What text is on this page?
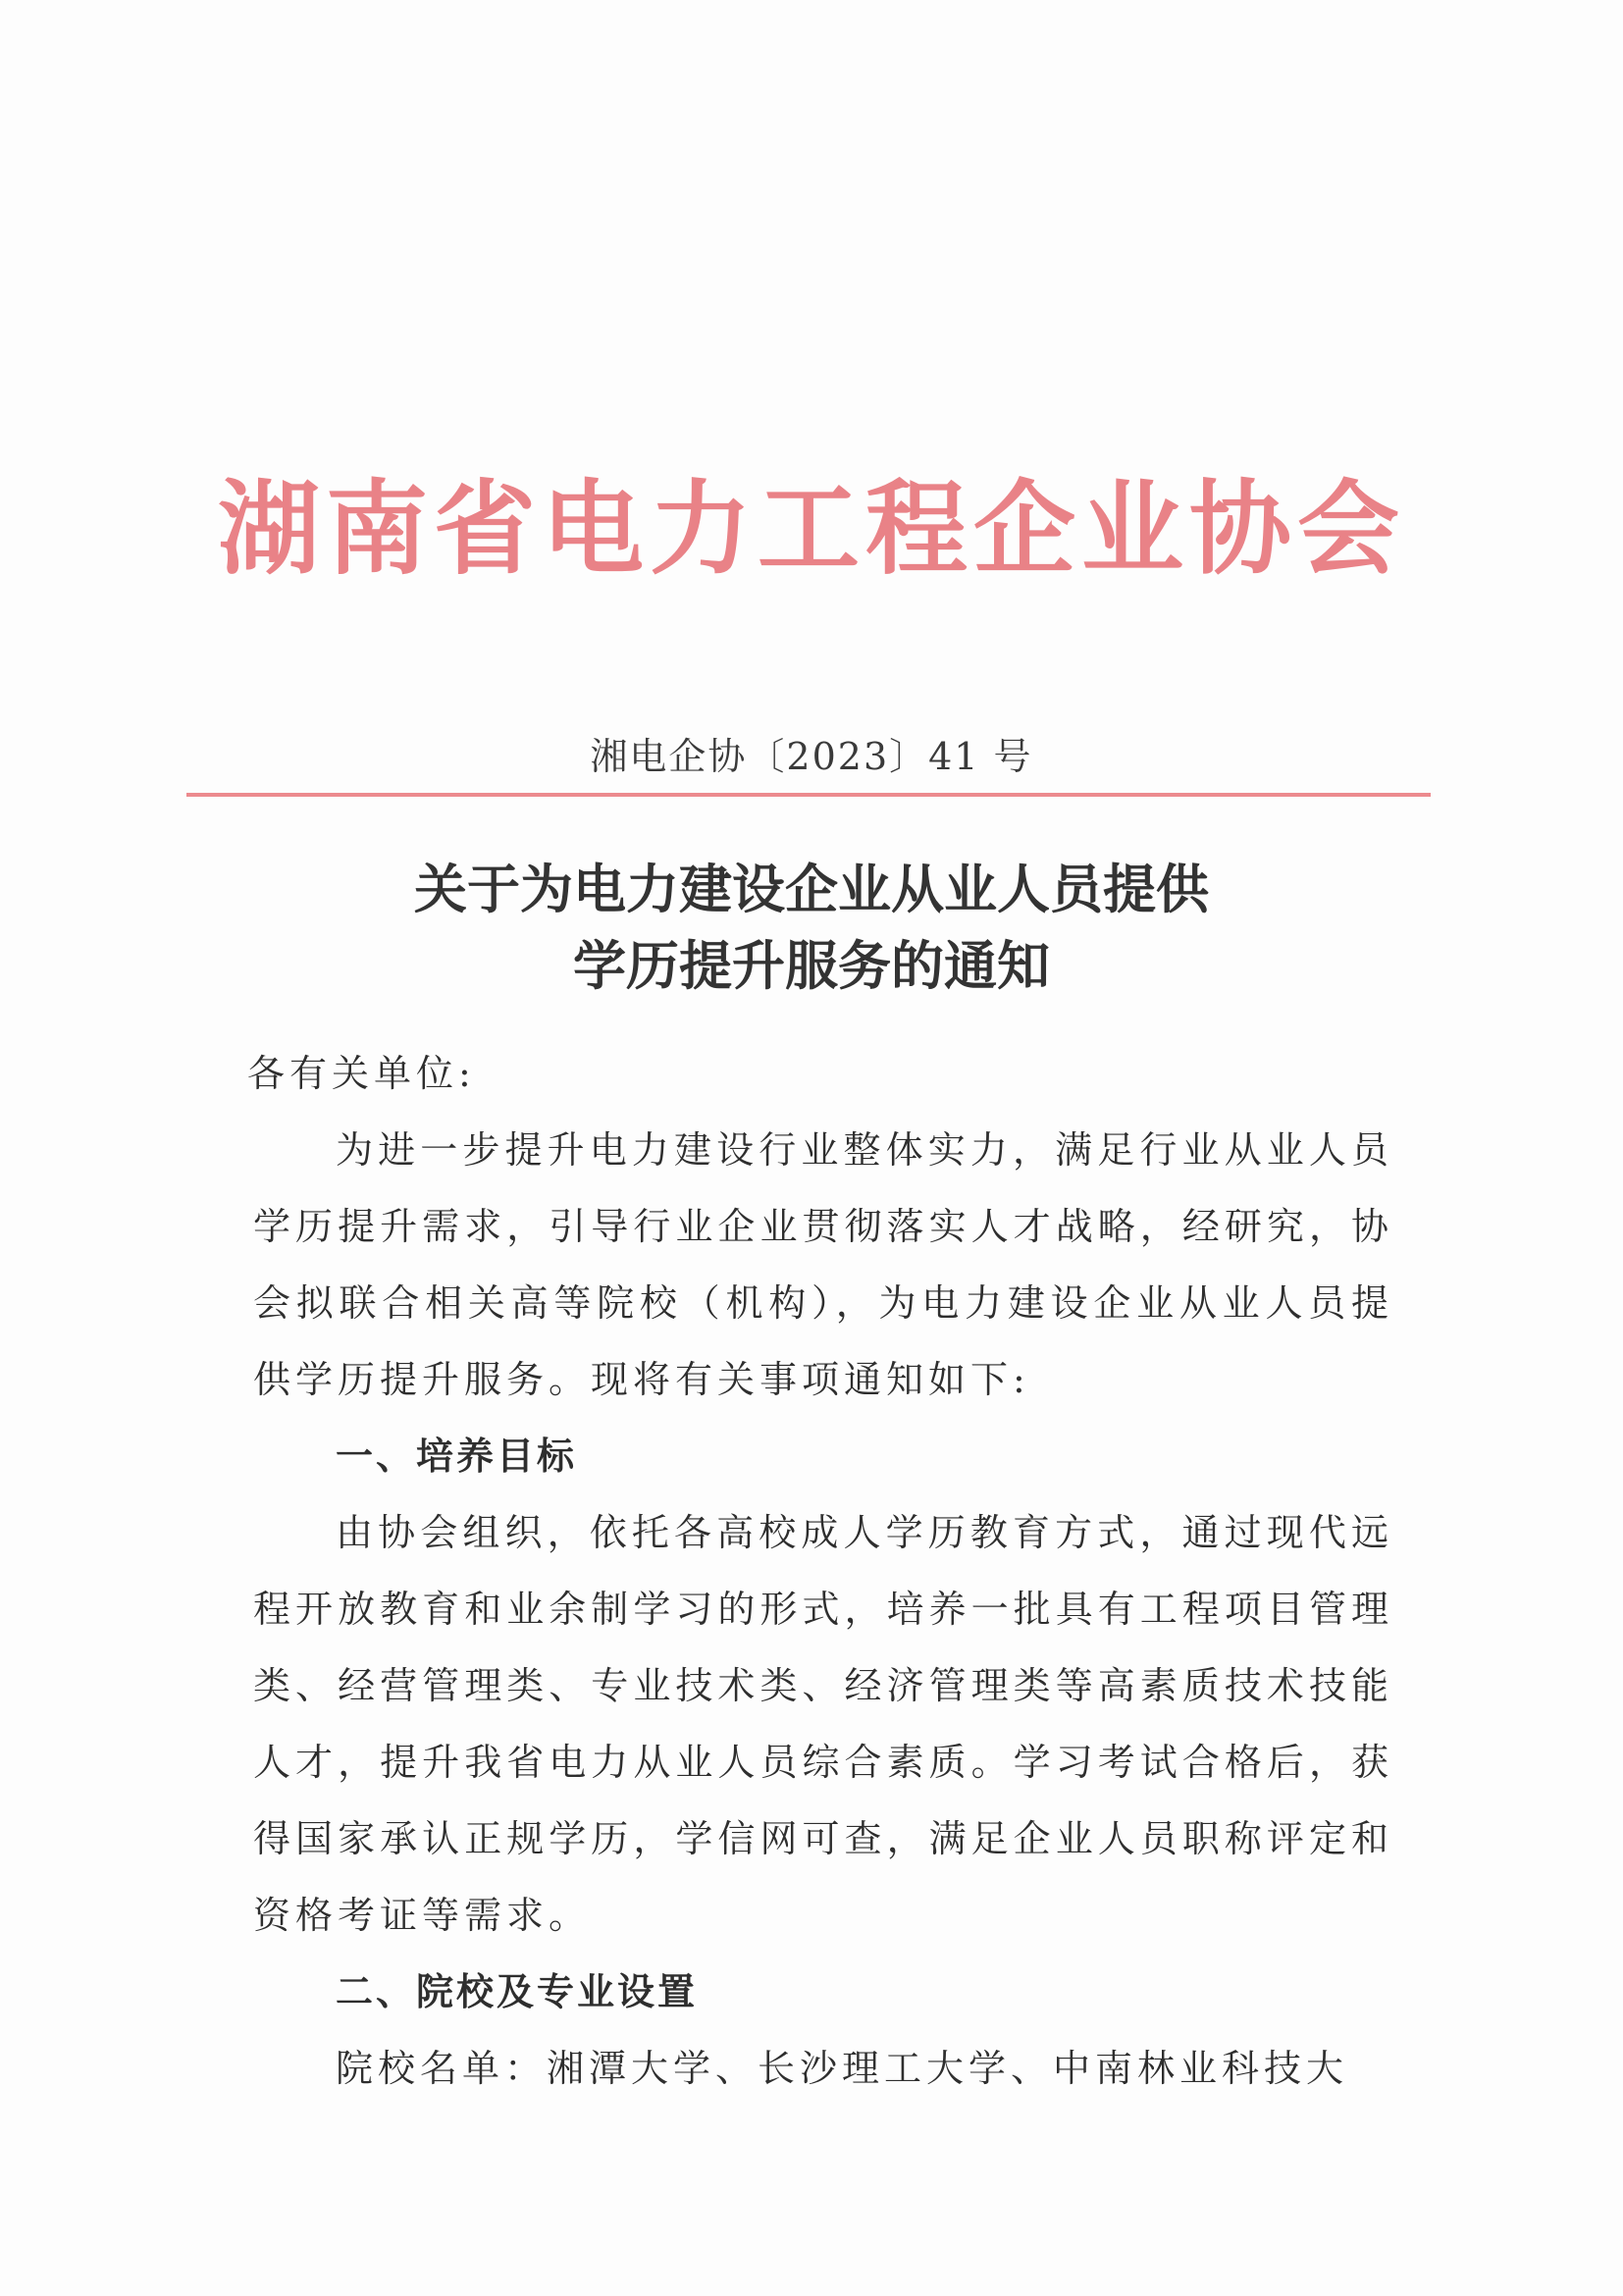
湖南省电力工程企业协会
湘电企协〔2023〕41 号
关于为电力建设企业从业人员提供
学历提升服务的通知
各有关单位:
为进一步提升电力建设行业整体实力，满足行业从业人员学历提升需求，引导行业企业贯彻落实人才战略，经研究，协会拟联合相关高等院校（机构），为电力建设企业从业人员提供学历提升服务。现将有关事项通知如下:
一、培养目标
由协会组织，依托各高校成人学历教育方式，通过现代远程开放教育和业余制学习的形式，培养一批具有工程项目管理类、经营管理类、专业技术类、经济管理类等高素质技术技能人才，提升我省电力从业人员综合素质。学习考试合格后，获得国家承认正规学历，学信网可查，满足企业人员职称评定和资格考证等需求。
二、院校及专业设置
院校名单：湘潭大学、长沙理工大学、中南林业科技大
